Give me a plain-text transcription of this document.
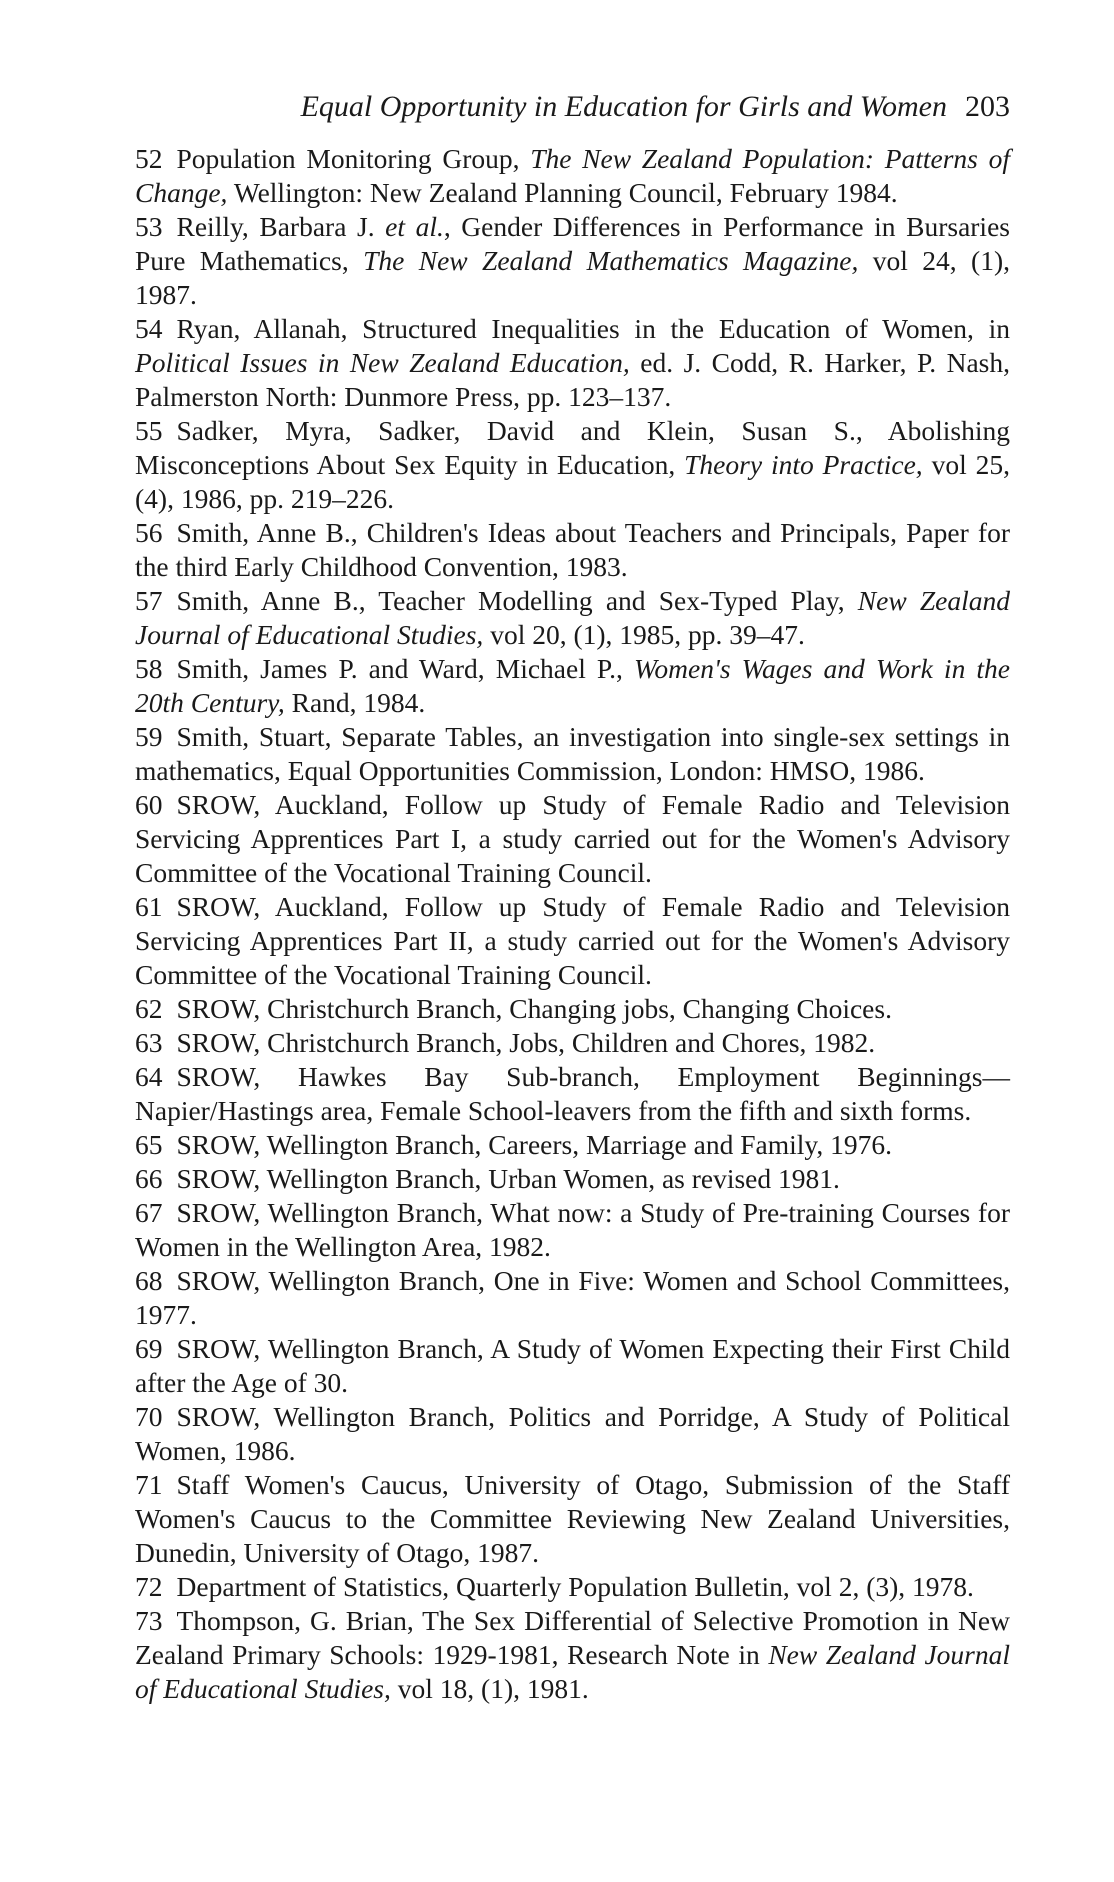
Equal Opportunity in Education for Girls and Women 203
52 Population Monitoring Group, The New Zealand Population: Patterns of Change, Wellington: New Zealand Planning Council, February 1984.
53 Reilly, Barbara J. et al., Gender Differences in Performance in Bursaries Pure Mathematics, The New Zealand Mathematics Magazine, vol 24, (1), 1987.
54 Ryan, Allanah, Structured Inequalities in the Education of Women, in Political Issues in New Zealand Education, ed. J. Codd, R. Harker, P. Nash, Palmerston North: Dunmore Press, pp. 123–137.
55 Sadker, Myra, Sadker, David and Klein, Susan S., Abolishing Misconceptions About Sex Equity in Education, Theory into Practice, vol 25, (4), 1986, pp. 219–226.
56 Smith, Anne B., Children's Ideas about Teachers and Principals, Paper for the third Early Childhood Convention, 1983.
57 Smith, Anne B., Teacher Modelling and Sex-Typed Play, New Zealand Journal of Educational Studies, vol 20, (1), 1985, pp. 39–47.
58 Smith, James P. and Ward, Michael P., Women's Wages and Work in the 20th Century, Rand, 1984.
59 Smith, Stuart, Separate Tables, an investigation into single-sex settings in mathematics, Equal Opportunities Commission, London: HMSO, 1986.
60 SROW, Auckland, Follow up Study of Female Radio and Television Servicing Apprentices Part I, a study carried out for the Women's Advisory Committee of the Vocational Training Council.
61 SROW, Auckland, Follow up Study of Female Radio and Television Servicing Apprentices Part II, a study carried out for the Women's Advisory Committee of the Vocational Training Council.
62 SROW, Christchurch Branch, Changing jobs, Changing Choices.
63 SROW, Christchurch Branch, Jobs, Children and Chores, 1982.
64 SROW, Hawkes Bay Sub-branch, Employment Beginnings—Napier/Hastings area, Female School-leavers from the fifth and sixth forms.
65 SROW, Wellington Branch, Careers, Marriage and Family, 1976.
66 SROW, Wellington Branch, Urban Women, as revised 1981.
67 SROW, Wellington Branch, What now: a Study of Pre-training Courses for Women in the Wellington Area, 1982.
68 SROW, Wellington Branch, One in Five: Women and School Committees, 1977.
69 SROW, Wellington Branch, A Study of Women Expecting their First Child after the Age of 30.
70 SROW, Wellington Branch, Politics and Porridge, A Study of Political Women, 1986.
71 Staff Women's Caucus, University of Otago, Submission of the Staff Women's Caucus to the Committee Reviewing New Zealand Universities, Dunedin, University of Otago, 1987.
72 Department of Statistics, Quarterly Population Bulletin, vol 2, (3), 1978.
73 Thompson, G. Brian, The Sex Differential of Selective Promotion in New Zealand Primary Schools: 1929-1981, Research Note in New Zealand Journal of Educational Studies, vol 18, (1), 1981.
